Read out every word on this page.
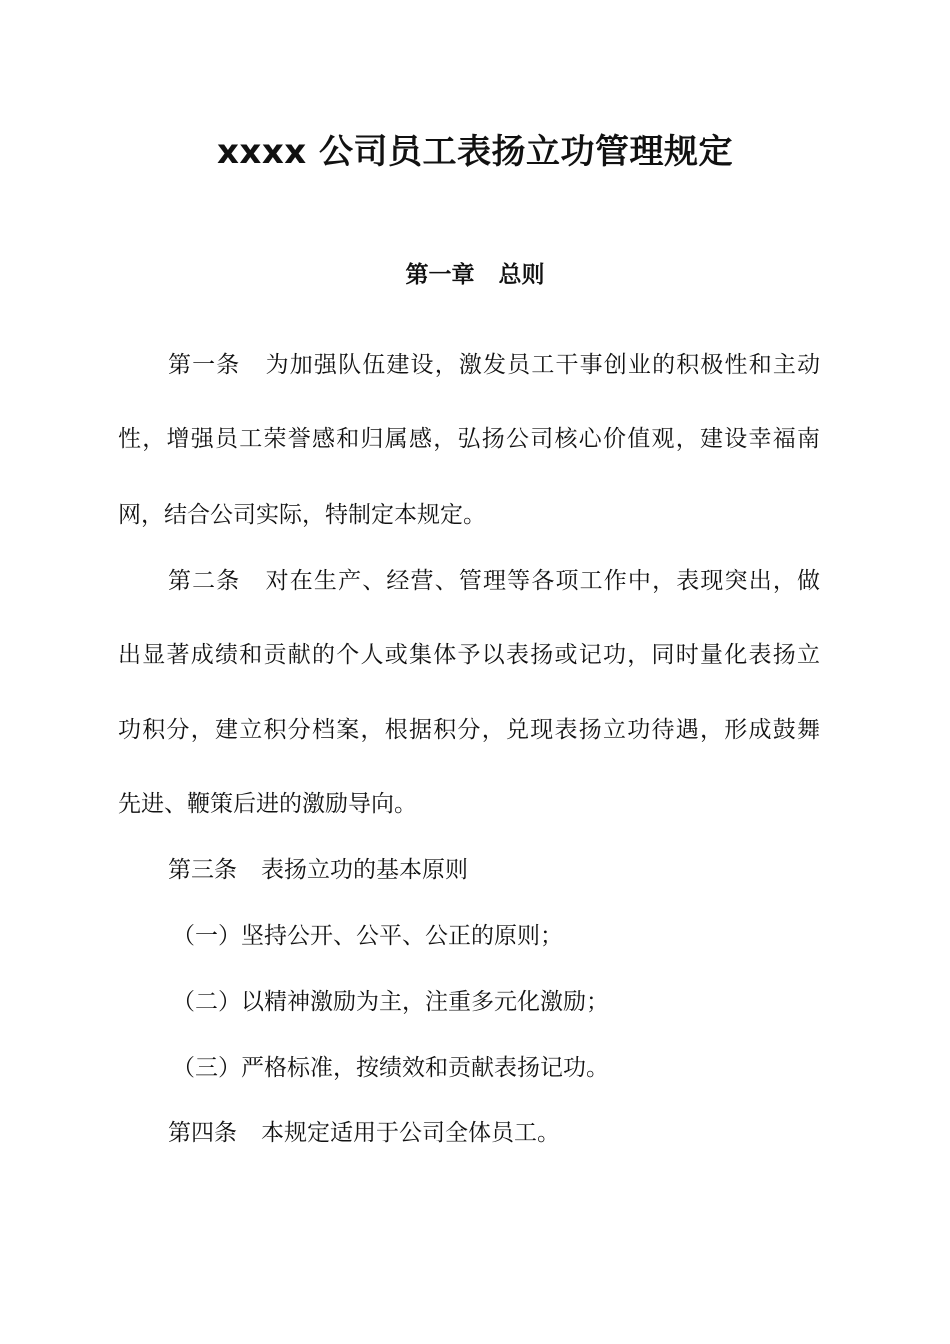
xxxx 公司员工表扬立功管理规定
第一章 总则
第一条 为加强队伍建设，激发员工干事创业的积极性和主动
性，增强员工荣誉感和归属感，弘扬公司核心价值观，建设幸福南
网，结合公司实际，特制定本规定。
第二条 对在生产、经营、管理等各项工作中，表现突出，做
出显著成绩和贡献的个人或集体予以表扬或记功，同时量化表扬立
功积分，建立积分档案，根据积分，兑现表扬立功待遇，形成鼓舞
先进、鞭策后进的激励导向。
第三条 表扬立功的基本原则
（一）坚持公开、公平、公正的原则；
（二）以精神激励为主，注重多元化激励；
（三）严格标准，按绩效和贡献表扬记功。
第四条 本规定适用于公司全体员工。
